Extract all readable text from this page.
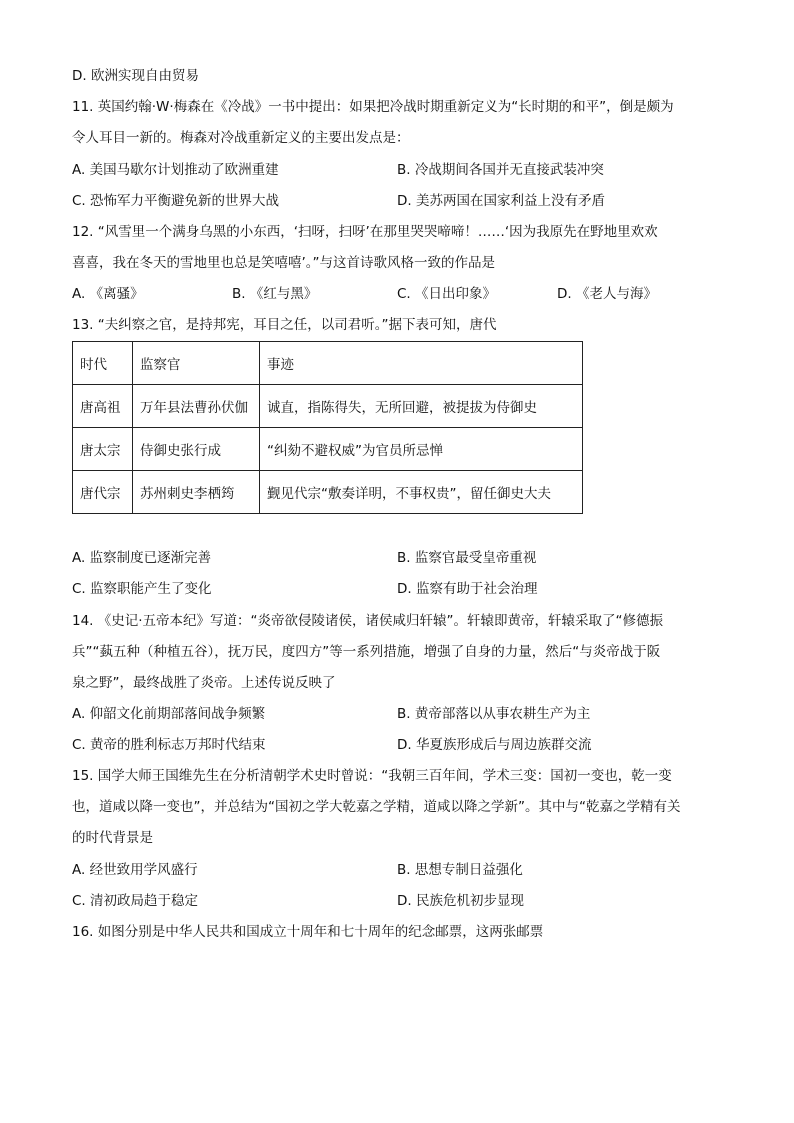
D. 欧洲实现自由贸易
11. 英国约翰·W·梅森在《冷战》一书中提出：如果把冷战时期重新定义为“长时期的和平”，倒是颇为
令人耳目一新的。梅森对冷战重新定义的主要出发点是：
A. 美国马歇尔计划推动了欧洲重建	B. 冷战期间各国并无直接武装冲突
C. 恐怖军力平衡避免新的世界大战	D. 美苏两国在国家利益上没有矛盾
12. “风雪里一个满身乌黑的小东西，‘扫呀，扫呀’在那里哭哭啼啼！……‘因为我原先在野地里欢欢
喜喜，我在冬天的雪地里也总是笑嘻嘻’。”与这首诗歌风格一致的作品是
A. 《离骚》	B. 《红与黑》	C. 《日出印象》	D. 《老人与海》
13. “夫纠察之官，是持邦宪，耳目之任，以司君听。”据下表可知，唐代
时代	监察官	事迹
唐高祖	万年县法曹孙伏伽	诚直，指陈得失，无所回避，被提拔为侍御史
唐太宗	侍御史张行成	“纠劾不避权威”为官员所忌惮
唐代宗	苏州刺史李栖筠	觐见代宗“敷奏详明，不事权贵”，留任御史大夫
A. 监察制度已逐渐完善	B. 监察官最受皇帝重视
C. 监察职能产生了变化	D. 监察有助于社会治理
14. 《史记·五帝本纪》写道：“炎帝欲侵陵诸侯，诸侯咸归轩辕”。轩辕即黄帝，轩辕采取了“修德振
兵”“蓺五种（种植五谷），抚万民，度四方”等一系列措施，增强了自身的力量，然后“与炎帝战于阪
泉之野”，最终战胜了炎帝。上述传说反映了
A. 仰韶文化前期部落间战争频繁	B. 黄帝部落以从事农耕生产为主
C. 黄帝的胜利标志万邦时代结束	D. 华夏族形成后与周边族群交流
15. 国学大师王国维先生在分析清朝学术史时曾说：“我朝三百年间，学术三变：国初一变也，乾一变
也，道咸以降一变也”，并总结为“国初之学大乾嘉之学精，道咸以降之学新”。其中与“乾嘉之学精有关
的时代背景是
A. 经世致用学风盛行	B. 思想专制日益强化
C. 清初政局趋于稳定	D. 民族危机初步显现
16. 如图分别是中华人民共和国成立十周年和七十周年的纪念邮票，这两张邮票
